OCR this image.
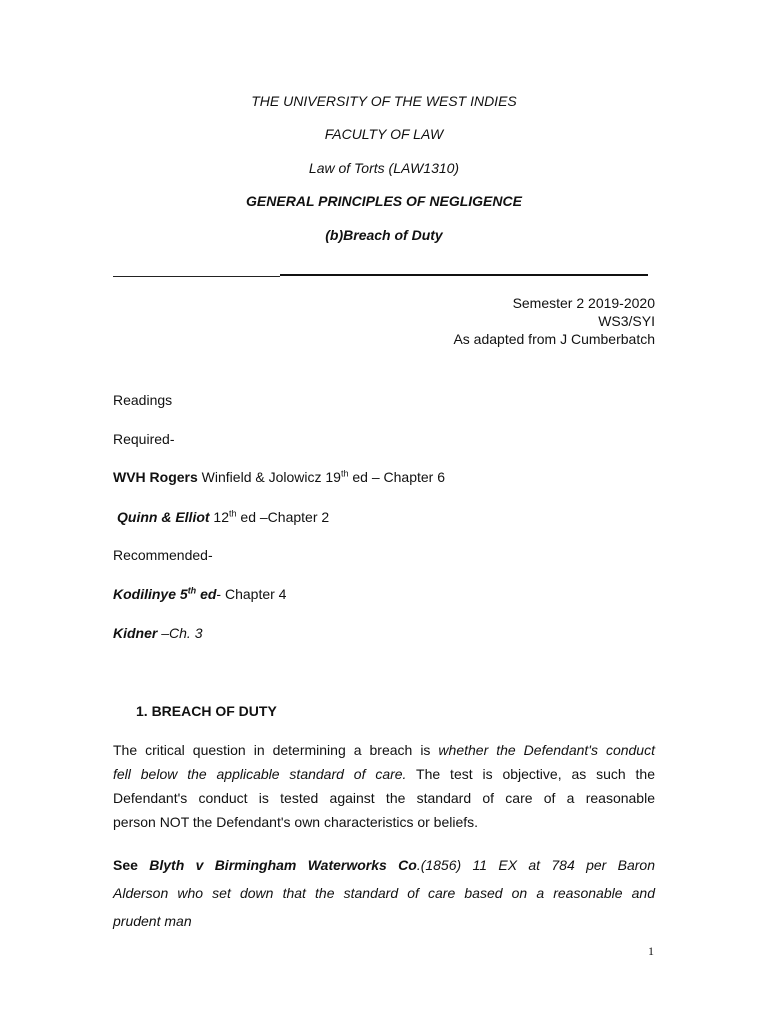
THE UNIVERSITY OF THE WEST INDIES
FACULTY OF LAW
Law of Torts (LAW1310)
GENERAL PRINCIPLES OF NEGLIGENCE
(b)Breach of Duty
Semester 2 2019-2020
WS3/SYI
As adapted from J Cumberbatch
Readings
Required-
WVH Rogers Winfield & Jolowicz 19th ed – Chapter 6
Quinn & Elliot 12th ed –Chapter 2
Recommended-
Kodilinye 5th ed- Chapter 4
Kidner –Ch. 3
1. BREACH OF DUTY
The critical question in determining a breach is whether the Defendant's conduct
fell below the applicable standard of care. The test is objective, as such the
Defendant's conduct is tested against the standard of care of a reasonable
person NOT the Defendant's own characteristics or beliefs.
See Blyth v Birmingham Waterworks Co.(1856) 11 EX at 784 per Baron
Alderson who set down that the standard of care based on a reasonable and
prudent man
1
